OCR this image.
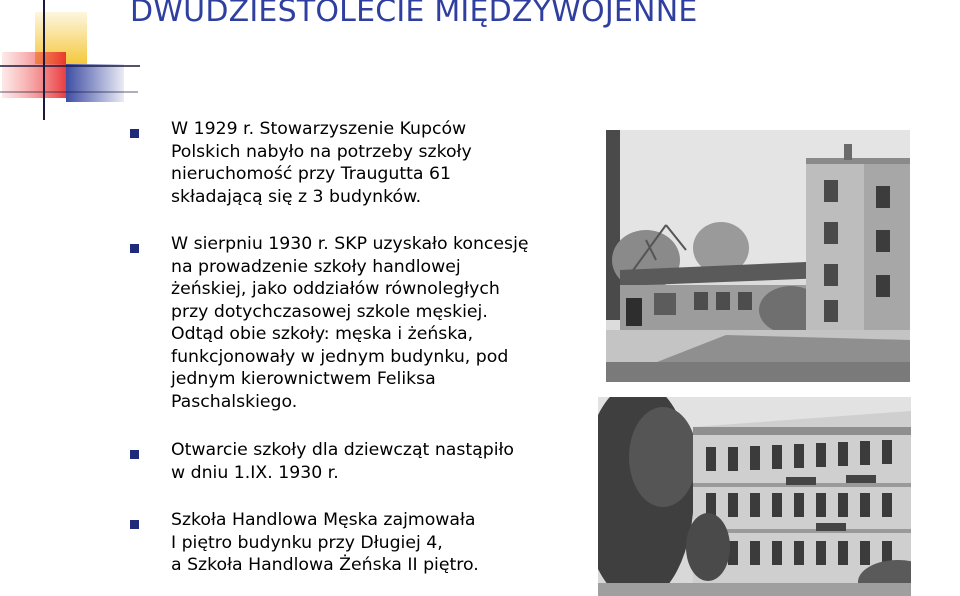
DWUDZIESTOLECIE MIĘDZYWOJENNE
W 1929 r. Stowarzyszenie Kupców
Polskich nabyło na potrzeby szkoły
nieruchomość przy Traugutta 61
składającą się z 3 budynków.
W sierpniu 1930 r. SKP uzyskało koncesję
na prowadzenie szkoły handlowej
żeńskiej, jako oddziałów równoległych
przy dotychczasowej szkole męskiej.
Odtąd obie szkoły: męska i żeńska,
funkcjonowały w jednym budynku, pod
jednym kierownictwem Feliksa
Paschalskiego.
Otwarcie szkoły dla dziewcząt nastąpiło
w dniu 1.IX. 1930 r.
Szkoła Handlowa Męska zajmowała
I piętro budynku przy Długiej 4,
a Szkoła Handlowa Żeńska II piętro.
